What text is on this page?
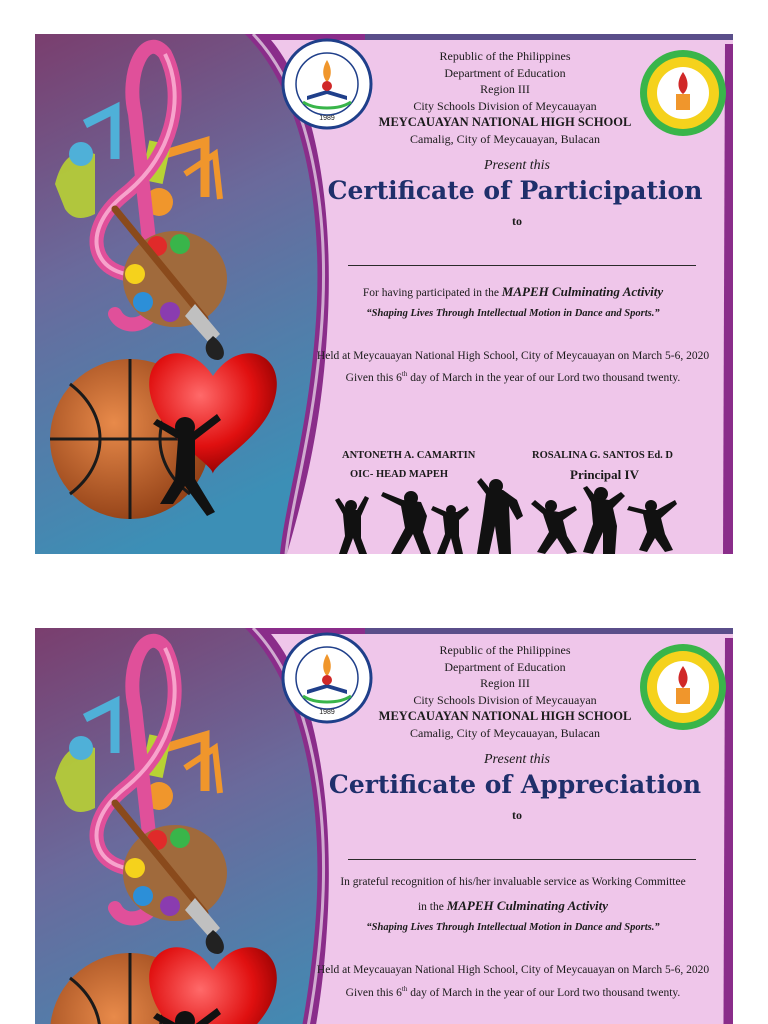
1989
Republic of the Philippines
Department of Education
Region III
City Schools Division of Meycauayan
MEYCAUAYAN NATIONAL HIGH SCHOOL
Camalig, City of Meycauayan, Bulacan
Present this
Certificate of Participation
to
For having participated in the MAPEH Culminating Activity
“Shaping Lives Through Intellectual Motion in Dance and Sports.”
Held at Meycauayan National High School, City of Meycauayan on March 5-6, 2020
Given this 6th day of March in the year of our Lord two thousand twenty.
ANTONETH A. CAMARTIN
OIC- HEAD MAPEH
ROSALINA G. SANTOS Ed. D
Principal IV
1989
Republic of the Philippines
Department of Education
Region III
City Schools Division of Meycauayan
MEYCAUAYAN NATIONAL HIGH SCHOOL
Camalig, City of Meycauayan, Bulacan
Present this
Certificate of Appreciation
to
In grateful recognition of his/her invaluable service as Working Committee
in the MAPEH Culminating Activity
“Shaping Lives Through Intellectual Motion in Dance and Sports.”
Held at Meycauayan National High School, City of Meycauayan on March 5-6, 2020
Given this 6th day of March in the year of our Lord two thousand twenty.
